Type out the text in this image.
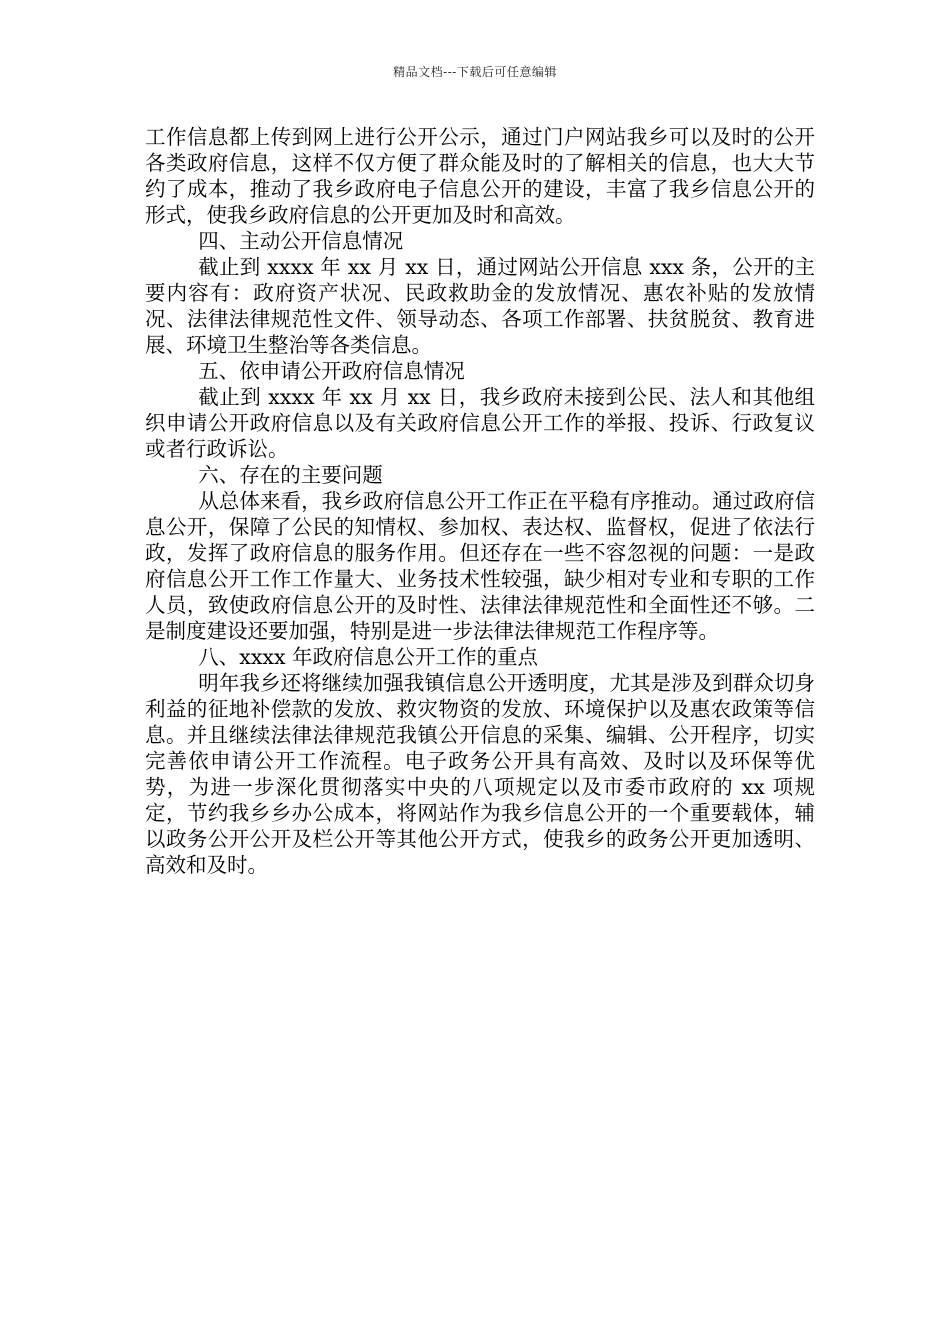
精品文档---下载后可任意编辑

工作信息都上传到网上进行公开公示，通过门户网站我乡可以及时的公开各类政府信息，这样不仅方便了群众能及时的了解相关的信息，也大大节约了成本，推动了我乡政府电子信息公开的建设，丰富了我乡信息公开的形式，使我乡政府信息的公开更加及时和高效。

四、主动公开信息情况

截止到 xxxx 年 xx 月 xx 日，通过网站公开信息 xxx 条，公开的主要内容有：政府资产状况、民政救助金的发放情况、惠农补贴的发放情况、法律法律规范性文件、领导动态、各项工作部署、扶贫脱贫、教育进展、环境卫生整治等各类信息。

五、依申请公开政府信息情况

截止到 xxxx 年 xx 月 xx 日，我乡政府未接到公民、法人和其他组织申请公开政府信息以及有关政府信息公开工作的举报、投诉、行政复议或者行政诉讼。

六、存在的主要问题

从总体来看，我乡政府信息公开工作正在平稳有序推动。通过政府信息公开，保障了公民的知情权、参加权、表达权、监督权，促进了依法行政，发挥了政府信息的服务作用。但还存在一些不容忽视的问题：一是政府信息公开工作工作量大、业务技术性较强，缺少相对专业和专职的工作人员，致使政府信息公开的及时性、法律法律规范性和全面性还不够。二是制度建设还要加强，特别是进一步法律法律规范工作程序等。

八、xxxx 年政府信息公开工作的重点

明年我乡还将继续加强我镇信息公开透明度，尤其是涉及到群众切身利益的征地补偿款的发放、救灾物资的发放、环境保护以及惠农政策等信息。并且继续法律法律规范我镇公开信息的采集、编辑、公开程序，切实完善依申请公开工作流程。电子政务公开具有高效、及时以及环保等优势，为进一步深化贯彻落实中央的八项规定以及市委市政府的 xx 项规定，节约我乡乡办公成本，将网站作为我乡信息公开的一个重要载体，辅以政务公开公开及栏公开等其他公开方式，使我乡的政务公开更加透明、高效和及时。
